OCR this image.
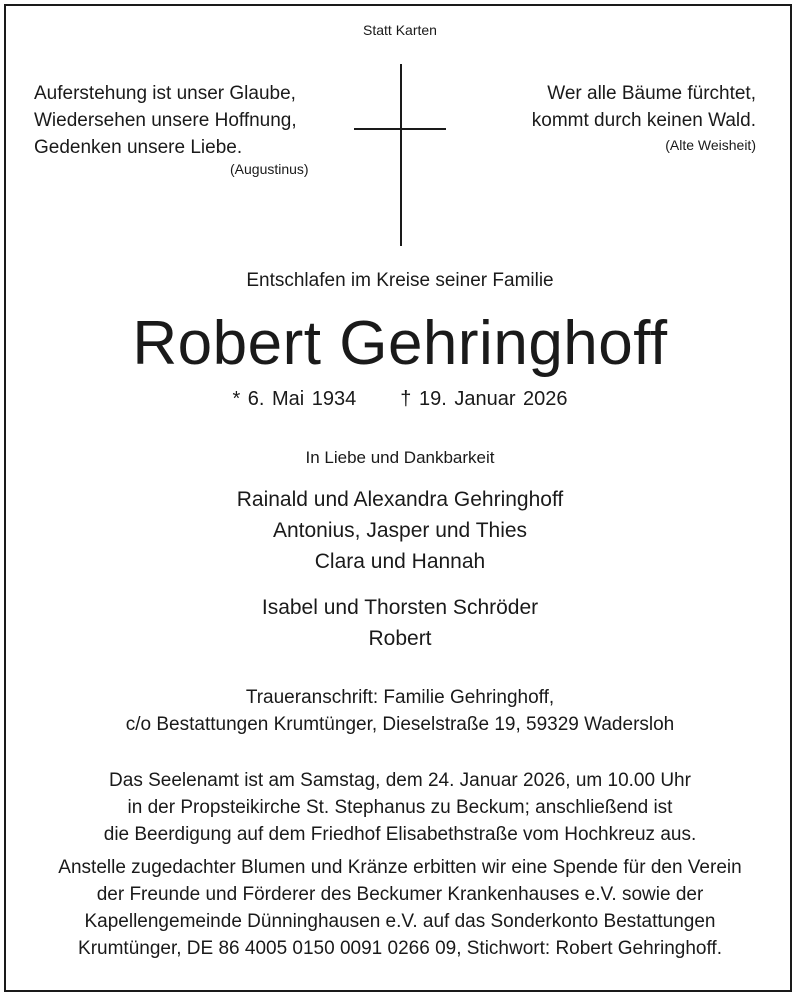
Statt Karten
Auferstehung ist unser Glaube,
Wiedersehen unsere Hoffnung,
Gedenken unsere Liebe.
(Augustinus)
Wer alle Bäume fürchtet,
kommt durch keinen Wald.
(Alte Weisheit)
Entschlafen im Kreise seiner Familie
Robert Gehringhoff
* 6. Mai 1934 † 19. Januar 2026
In Liebe und Dankbarkeit
Rainald und Alexandra Gehringhoff
Antonius, Jasper und Thies
Clara und Hannah
Isabel und Thorsten Schröder
Robert
Traueranschrift: Familie Gehringhoff,
c/o Bestattungen Krumtünger, Dieselstraße 19, 59329 Wadersloh
Das Seelenamt ist am Samstag, dem 24. Januar 2026, um 10.00 Uhr
in der Propsteikirche St. Stephanus zu Beckum; anschließend ist
die Beerdigung auf dem Friedhof Elisabethstraße vom Hochkreuz aus.
Anstelle zugedachter Blumen und Kränze erbitten wir eine Spende für den Verein
der Freunde und Förderer des Beckumer Krankenhauses e.V. sowie der
Kapellengemeinde Dünninghausen e.V. auf das Sonderkonto Bestattungen
Krumtünger, DE 86 4005 0150 0091 0266 09, Stichwort: Robert Gehringhoff.
